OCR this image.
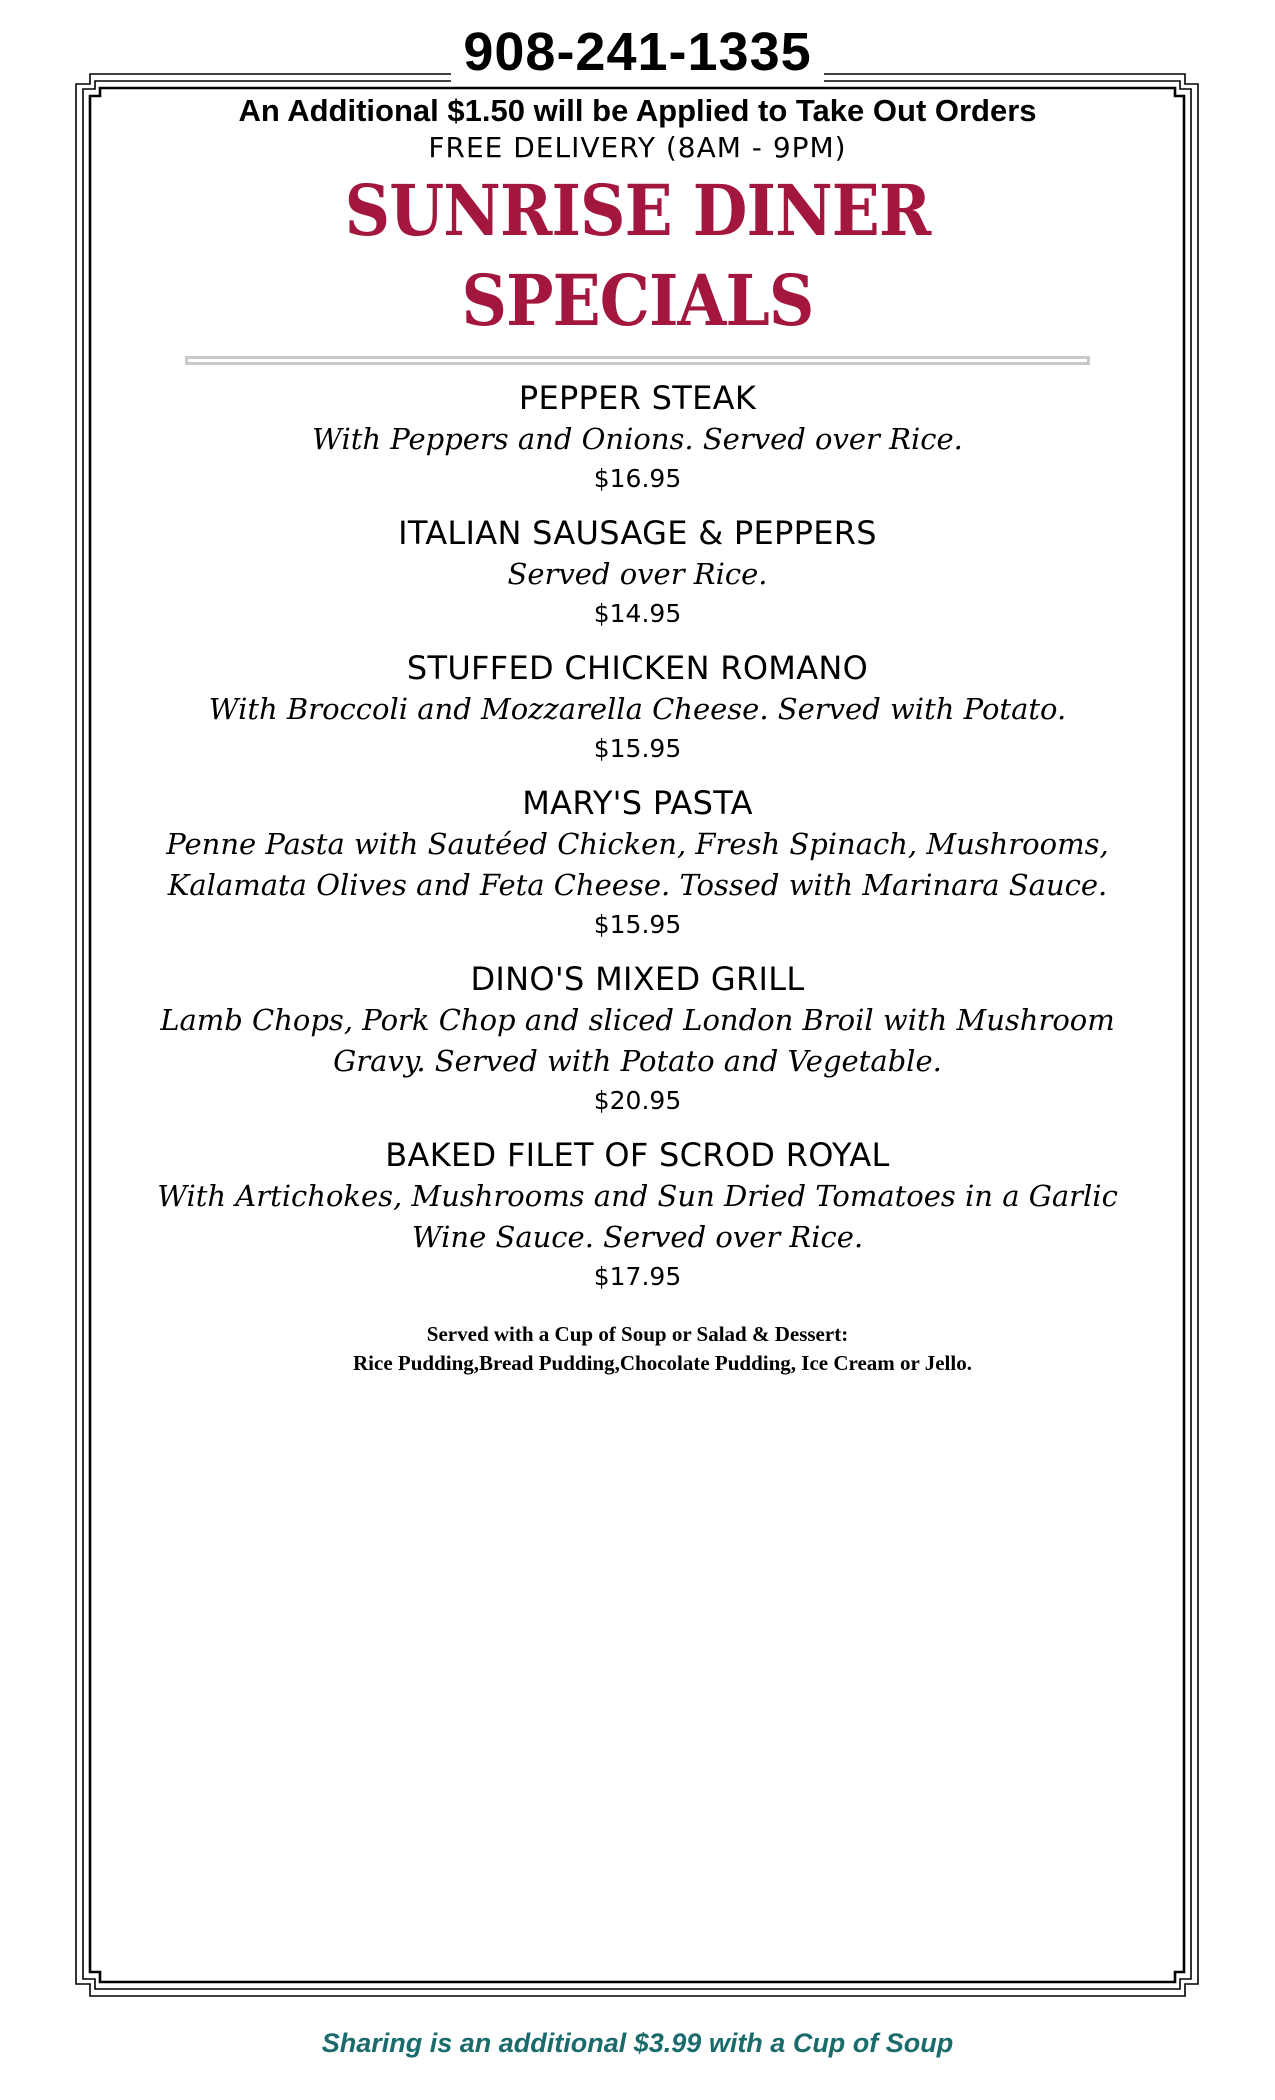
908-241-1335

An Additional $1.50 will be Applied to Take Out Orders

FREE DELIVERY (8AM - 9PM)

SUNRISE DINER SPECIALS
PEPPER STEAK
With Peppers and Onions. Served over Rice.
$16.95
ITALIAN SAUSAGE & PEPPERS
Served over Rice.
$14.95
STUFFED CHICKEN ROMANO
With Broccoli and Mozzarella Cheese. Served with Potato.
$15.95
MARY'S PASTA
Penne Pasta with Sautéed Chicken, Fresh Spinach, Mushrooms, Kalamata Olives and Feta Cheese. Tossed with Marinara Sauce.
$15.95
DINO'S MIXED GRILL
Lamb Chops, Pork Chop and sliced London Broil with Mushroom Gravy. Served with Potato and Vegetable.
$20.95
BAKED FILET OF SCROD ROYAL
With Artichokes, Mushrooms and Sun Dried Tomatoes in a Garlic Wine Sauce. Served over Rice.
$17.95
Served with a Cup of Soup or Salad & Dessert:
Rice Pudding,Bread Pudding,Chocolate Pudding, Ice Cream or Jello.
Sharing is an additional $3.99 with a Cup of Soup
